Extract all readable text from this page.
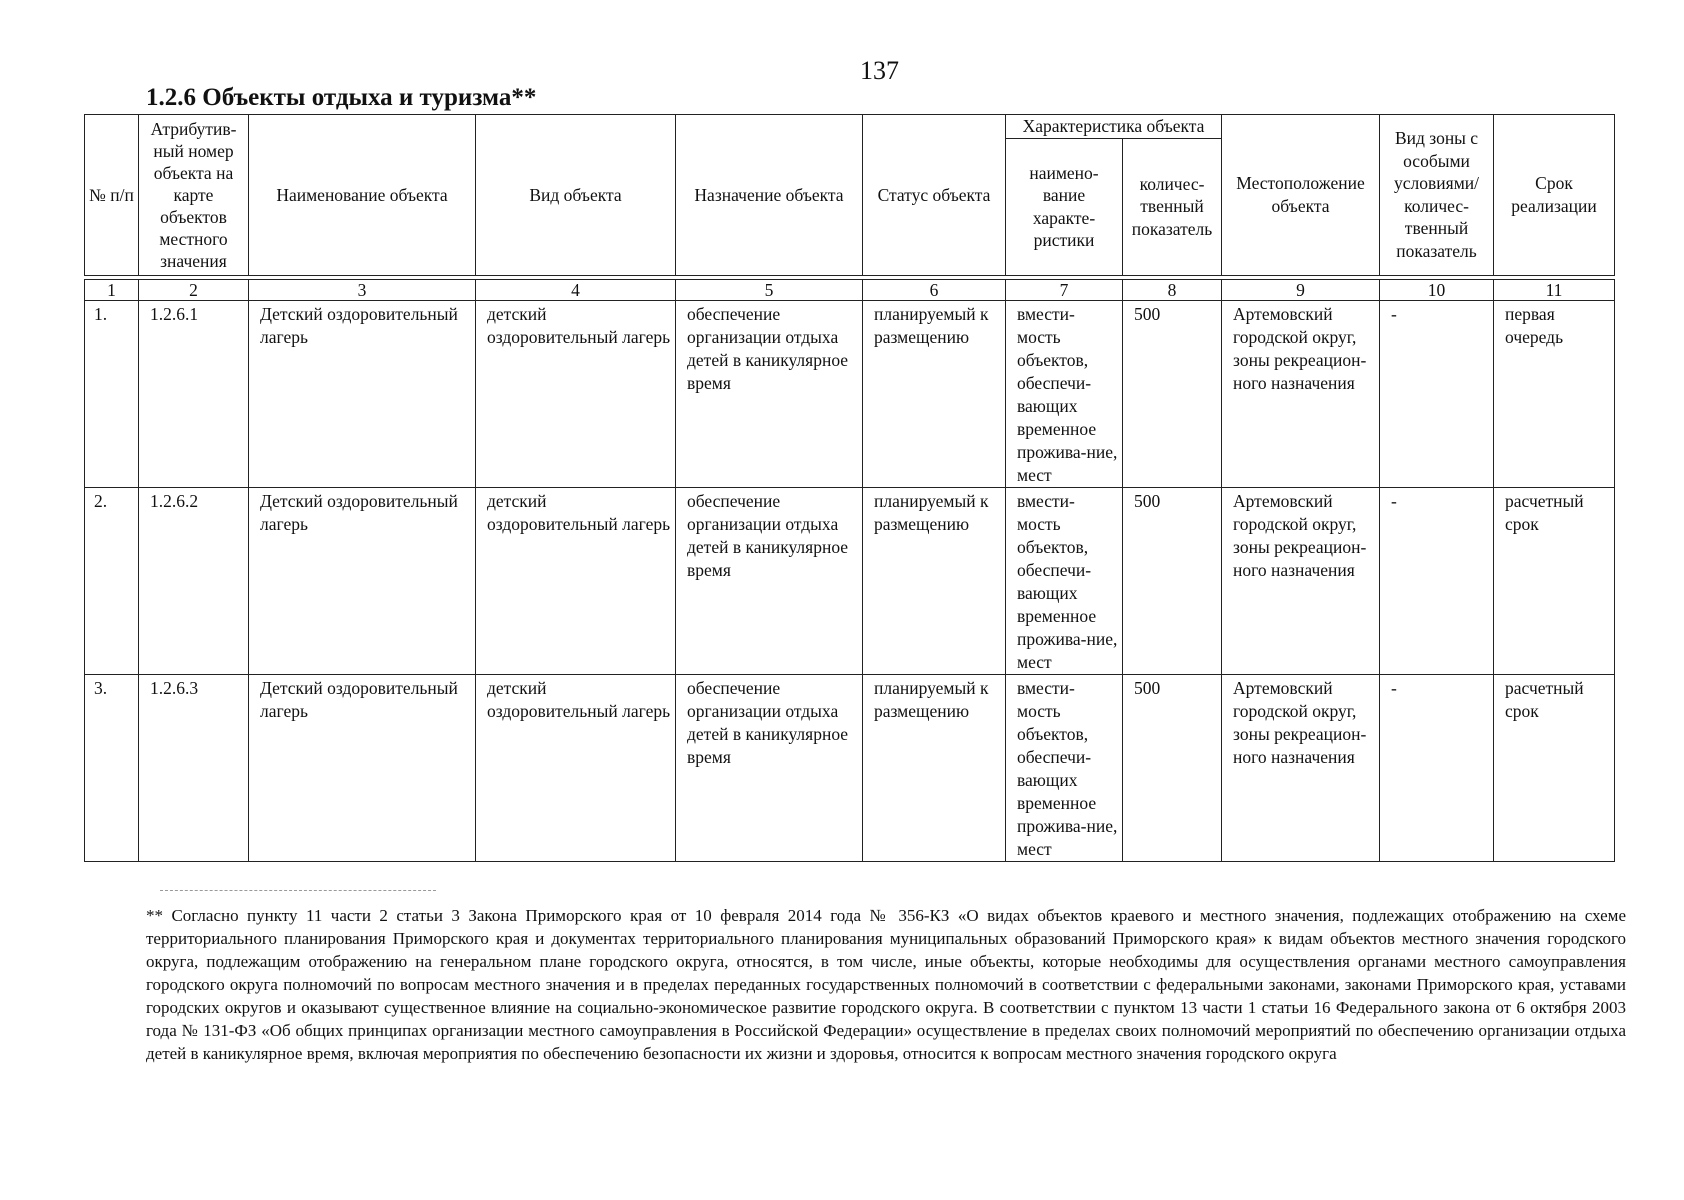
137
1.2.6 Объекты отдыха и туризма**
№ п/п	Атрибутив-ный номер объекта на карте объектов местного значения	Наименование объекта	Вид объекта	Назначение объекта	Статус объекта	Характеристика объекта		Местоположение объекта	Вид зоны с особыми условиями/ количес-твенный показатель	Срок реализации
						наимено-вание характе-ристики	количес-твенный показатель			

1	2	3	4	5	6	7	8	9	10	11
1.	1.2.6.1	Детский оздоровительный лагерь	детский оздоровительный лагерь	обеспечение организации отдыха детей в каникулярное время	планируемый к размещению	вмести-мость объектов, обеспечи-вающих временное прожива-ние, мест	500	Артемовский городской округ, зоны рекреацион-ного назначения	-	первая очередь
2.	1.2.6.2	Детский оздоровительный лагерь	детский оздоровительный лагерь	обеспечение организации отдыха детей в каникулярное время	планируемый к размещению	вмести-мость объектов, обеспечи-вающих временное прожива-ние, мест	500	Артемовский городской округ, зоны рекреацион-ного назначения	-	расчетный срок
3.	1.2.6.3	Детский оздоровительный лагерь	детский оздоровительный лагерь	обеспечение организации отдыха детей в каникулярное время	планируемый к размещению	вмести-мость объектов, обеспечи-вающих временное прожива-ние, мест	500	Артемовский городской округ, зоны рекреацион-ного назначения	-	расчетный срок
** Согласно пункту 11 части 2 статьи 3 Закона Приморского края от 10 февраля 2014 года № 356-КЗ «О видах объектов краевого и местного значения, подлежащих отображению на схеме территориального планирования Приморского края и документах территориального планирования муниципальных образований Приморского края» к видам объектов местного значения городского округа, подлежащим отображению на генеральном плане городского округа, относятся, в том числе, иные объекты, которые необходимы для осуществления органами местного самоуправления городского округа полномочий по вопросам местного значения и в пределах переданных государственных полномочий в соответствии с федеральными законами, законами Приморского края, уставами городских округов и оказывают существенное влияние на социально-экономическое развитие городского округа. В соответствии с пунктом 13 части 1 статьи 16 Федерального закона от 6 октября 2003 года № 131-ФЗ «Об общих принципах организации местного самоуправления в Российской Федерации» осуществление в пределах своих полномочий мероприятий по обеспечению организации отдыха детей в каникулярное время, включая мероприятия по обеспечению безопасности их жизни и здоровья, относится к вопросам местного значения городского округа
